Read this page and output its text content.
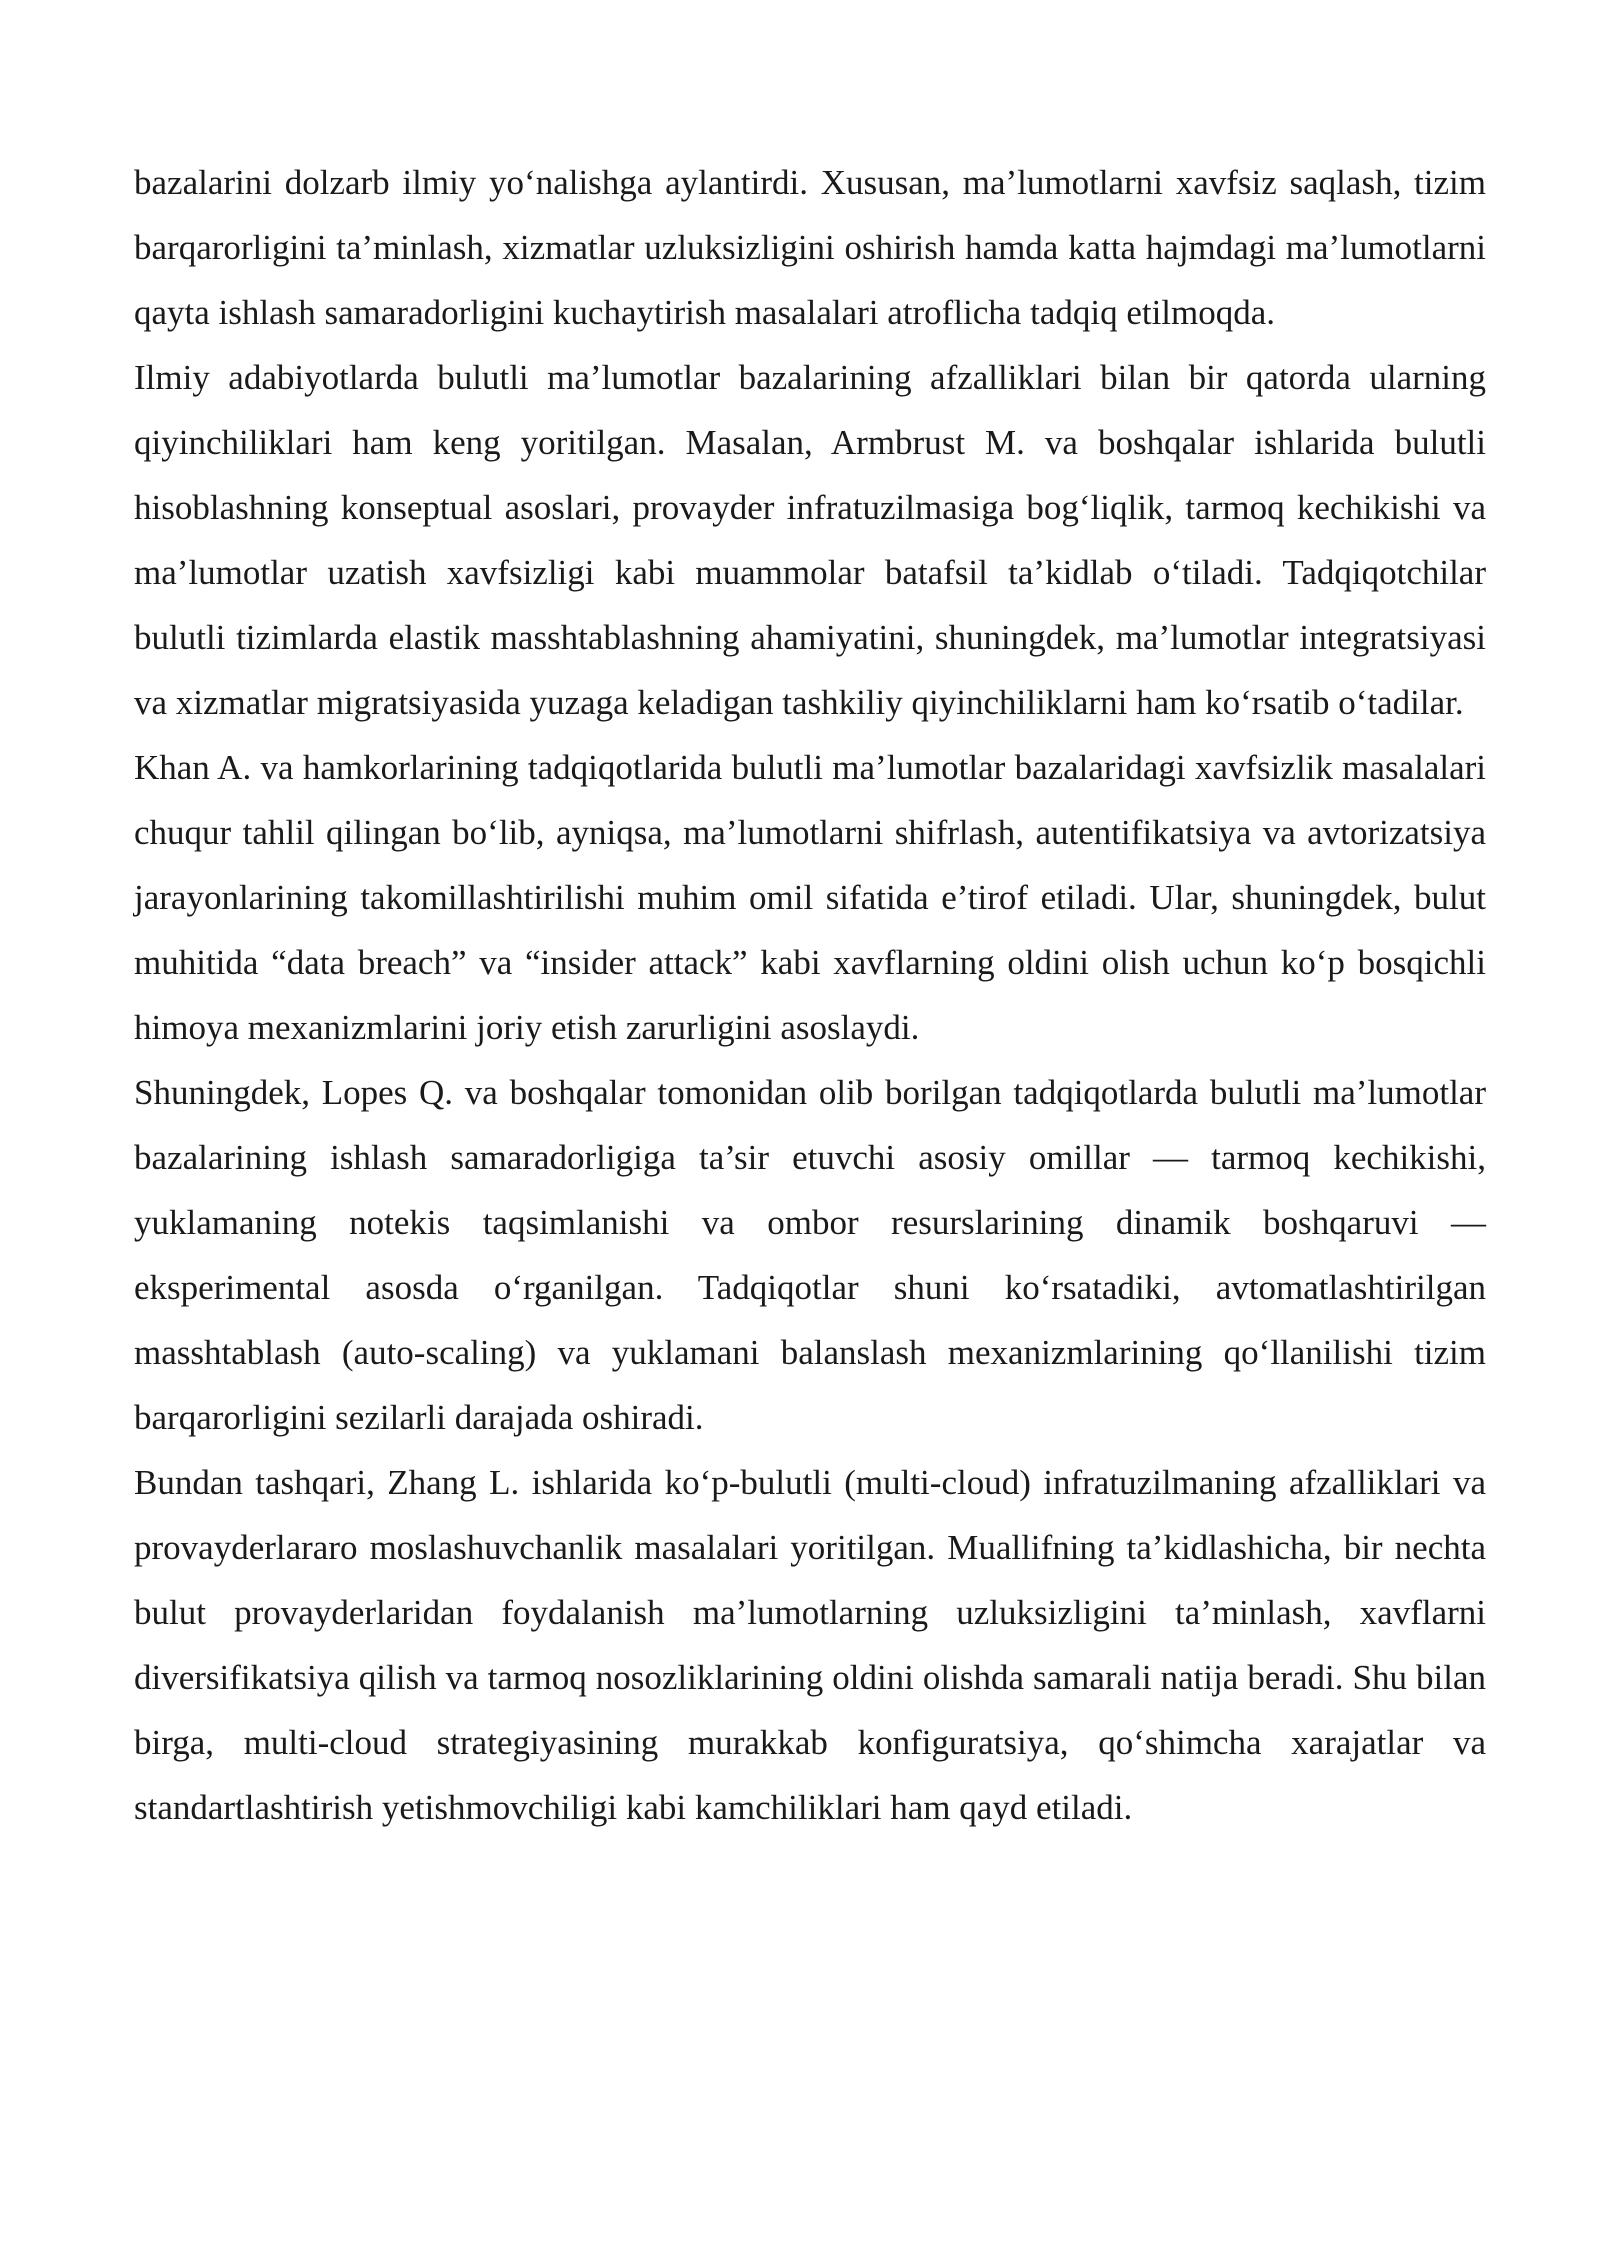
bazalarini dolzarb ilmiy yo‘nalishga aylantirdi. Xususan, ma’lumotlarni xavfsiz saqlash, tizim barqarorligini ta’minlash, xizmatlar uzluksizligini oshirish hamda katta hajmdagi ma’lumotlarni qayta ishlash samaradorligini kuchaytirish masalalari atroflicha tadqiq etilmoqda.

Ilmiy adabiyotlarda bulutli ma’lumotlar bazalarining afzalliklari bilan bir qatorda ularning qiyinchiliklari ham keng yoritilgan. Masalan, Armbrust M. va boshqalar ishlarida bulutli hisoblashning konseptual asoslari, provayder infratuzilmasiga bog‘liqlik, tarmoq kechikishi va ma’lumotlar uzatish xavfsizligi kabi muammolar batafsil ta’kidlab o‘tiladi. Tadqiqotchilar bulutli tizimlarda elastik masshtablashning ahamiyatini, shuningdek, ma’lumotlar integratsiyasi va xizmatlar migratsiyasida yuzaga keladigan tashkiliy qiyinchiliklarni ham ko‘rsatib o‘tadilar.

Khan A. va hamkorlarining tadqiqotlarida bulutli ma’lumotlar bazalaridagi xavfsizlik masalalari chuqur tahlil qilingan bo‘lib, ayniqsa, ma’lumotlarni shifrlash, autentifikatsiya va avtorizatsiya jarayonlarining takomillashtirilishi muhim omil sifatida e’tirof etiladi. Ular, shuningdek, bulut muhitida “data breach” va “insider attack” kabi xavflarning oldini olish uchun ko‘p bosqichli himoya mexanizmlarini joriy etish zarurligini asoslaydi.

Shuningdek, Lopes Q. va boshqalar tomonidan olib borilgan tadqiqotlarda bulutli ma’lumotlar bazalarining ishlash samaradorligiga ta’sir etuvchi asosiy omillar — tarmoq kechikishi, yuklamaning notekis taqsimlanishi va ombor resurslarining dinamik boshqaruvi — eksperimental asosda o‘rganilgan. Tadqiqotlar shuni ko‘rsatadiki, avtomatlashtirilgan masshtablash (auto-scaling) va yuklamani balanslash mexanizmlarining qo‘llanilishi tizim barqarorligini sezilarli darajada oshiradi.

Bundan tashqari, Zhang L. ishlarida ko‘p-bulutli (multi-cloud) infratuzilmaning afzalliklari va provayderlararo moslashuvchanlik masalalari yoritilgan. Muallifning ta’kidlashicha, bir nechta bulut provayderlaridan foydalanish ma’lumotlarning uzluksizligini ta’minlash, xavflarni diversifikatsiya qilish va tarmoq nosozliklarining oldini olishda samarali natija beradi. Shu bilan birga, multi-cloud strategiyasining murakkab konfiguratsiya, qo‘shimcha xarajatlar va standartlashtirish yetishmovchiligi kabi kamchiliklari ham qayd etiladi.
